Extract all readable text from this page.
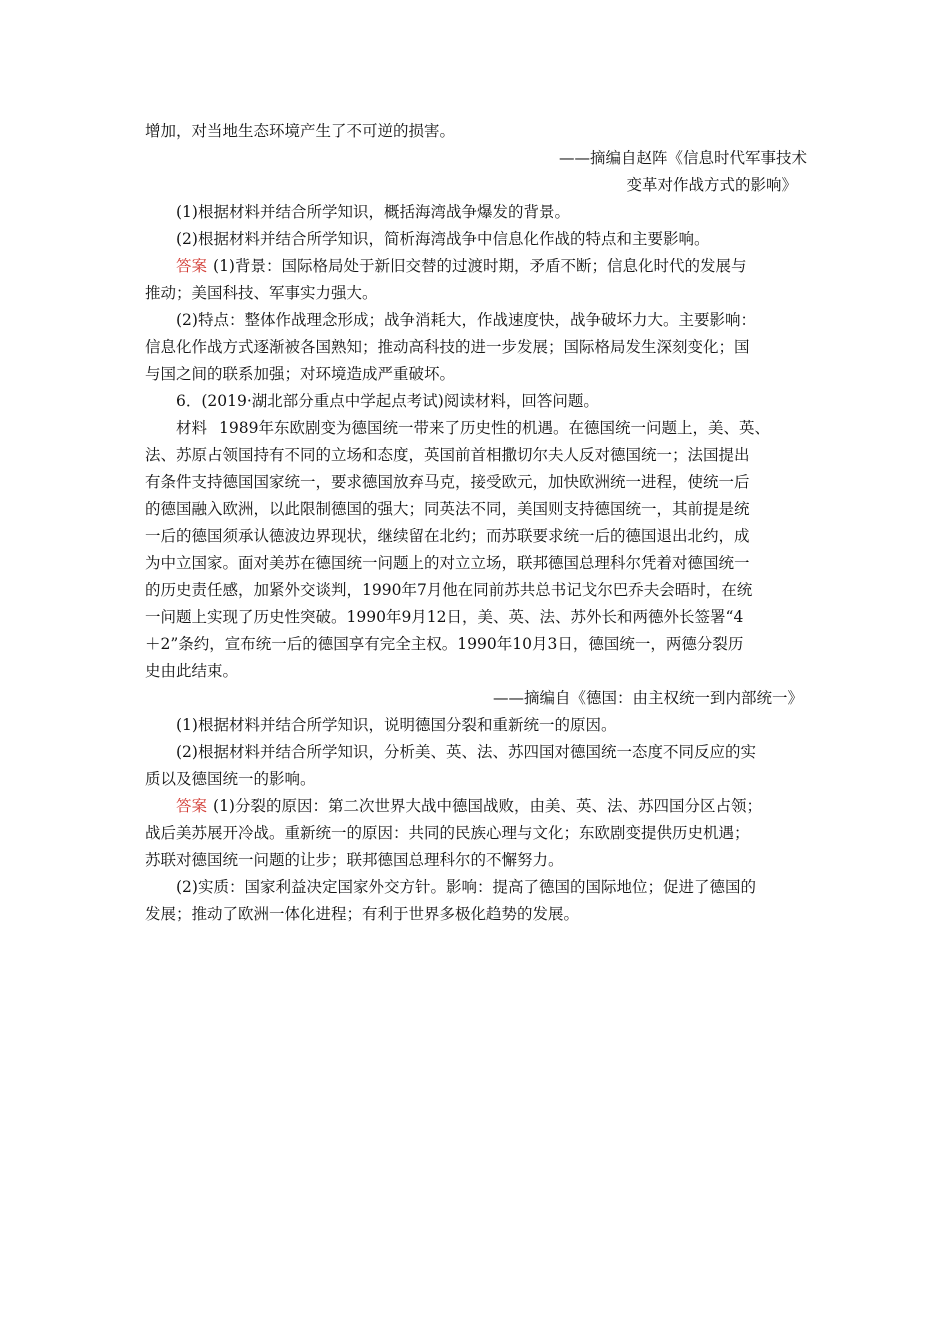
增加，对当地生态环境产生了不可逆的损害。
——摘编自赵阵《信息时代军事技术
变革对作战方式的影响》
(1)根据材料并结合所学知识，概括海湾战争爆发的背景。
(2)根据材料并结合所学知识，简析海湾战争中信息化作战的特点和主要影响。
答案 (1)背景：国际格局处于新旧交替的过渡时期，矛盾不断；信息化时代的发展与
推动；美国科技、军事实力强大。
(2)特点：整体作战理念形成；战争消耗大，作战速度快，战争破坏力大。主要影响：
信息化作战方式逐渐被各国熟知；推动高科技的进一步发展；国际格局发生深刻变化；国
与国之间的联系加强；对环境造成严重破坏。
6．(2019·湖北部分重点中学起点考试)阅读材料，回答问题。
材料 1989年东欧剧变为德国统一带来了历史性的机遇。在德国统一问题上，美、英、
法、苏原占领国持有不同的立场和态度，英国前首相撒切尔夫人反对德国统一；法国提出
有条件支持德国国家统一，要求德国放弃马克，接受欧元，加快欧洲统一进程，使统一后
的德国融入欧洲，以此限制德国的强大；同英法不同，美国则支持德国统一，其前提是统
一后的德国须承认德波边界现状，继续留在北约；而苏联要求统一后的德国退出北约，成
为中立国家。面对美苏在德国统一问题上的对立立场，联邦德国总理科尔凭着对德国统一
的历史责任感，加紧外交谈判，1990年7月他在同前苏共总书记戈尔巴乔夫会晤时，在统
一问题上实现了历史性突破。1990年9月12日，美、英、法、苏外长和两德外长签署“4
＋2”条约，宣布统一后的德国享有完全主权。1990年10月3日，德国统一，两德分裂历
史由此结束。
——摘编自《德国：由主权统一到内部统一》
(1)根据材料并结合所学知识，说明德国分裂和重新统一的原因。
(2)根据材料并结合所学知识，分析美、英、法、苏四国对德国统一态度不同反应的实
质以及德国统一的影响。
答案 (1)分裂的原因：第二次世界大战中德国战败，由美、英、法、苏四国分区占领；
战后美苏展开冷战。重新统一的原因：共同的民族心理与文化；东欧剧变提供历史机遇；
苏联对德国统一问题的让步；联邦德国总理科尔的不懈努力。
(2)实质：国家利益决定国家外交方针。影响：提高了德国的国际地位；促进了德国的
发展；推动了欧洲一体化进程；有利于世界多极化趋势的发展。
